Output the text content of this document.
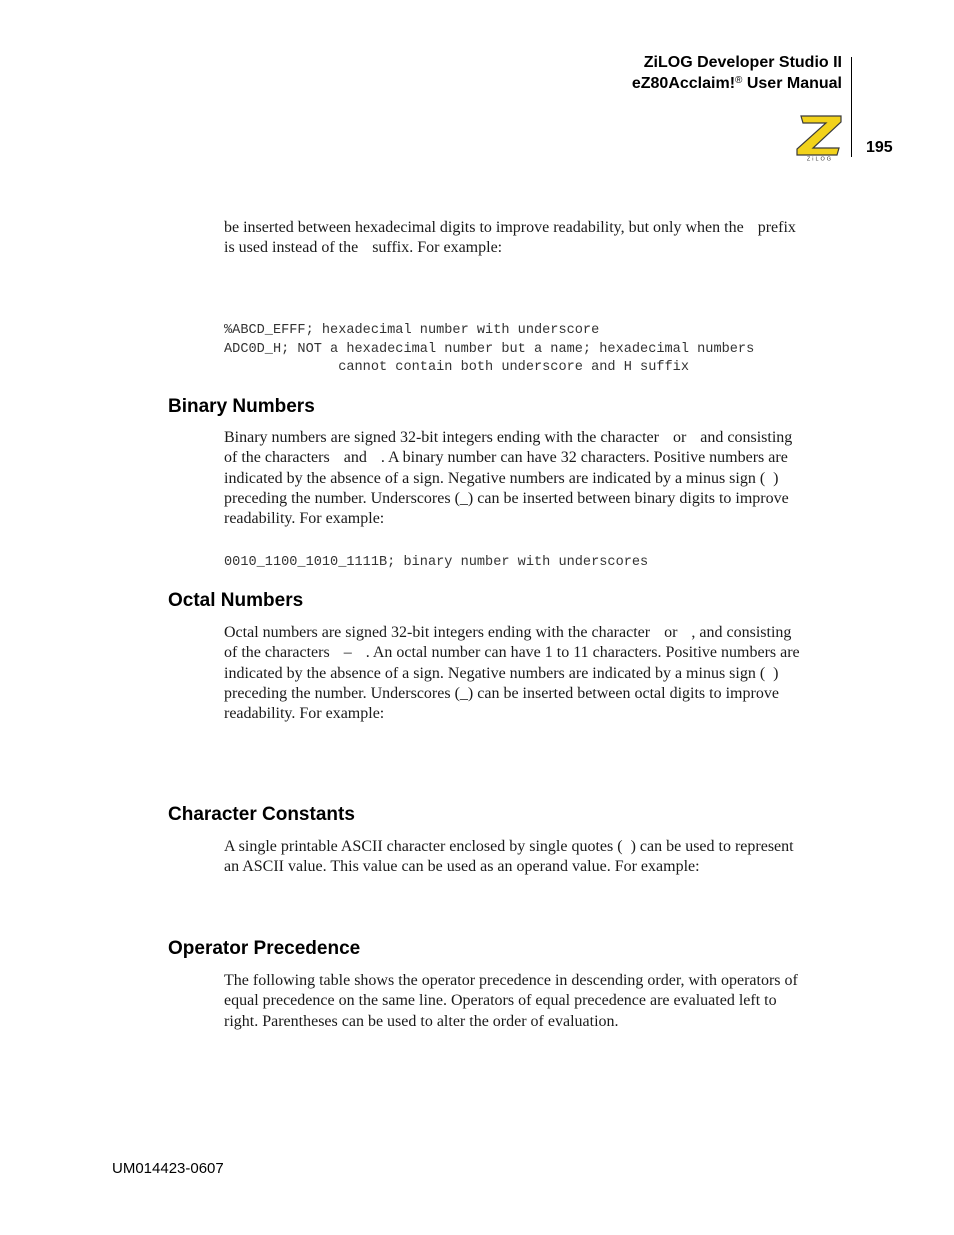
ZiLOG Developer Studio II
eZ80Acclaim!® User Manual
ZiLOG
195

be inserted between hexadecimal digits to improve readability, but only when the prefix
is used instead of the suffix. For example:

%ABCD_EFFF; hexadecimal number with underscore
ADC0D_H; NOT a hexadecimal number but a name; hexadecimal numbers
cannot contain both underscore and H suffix
Binary Numbers

Binary numbers are signed 32-bit integers ending with the character or and consisting
of the characters and . A binary number can have 32 characters. Positive numbers are
indicated by the absence of a sign. Negative numbers are indicated by a minus sign ( )
preceding the number. Underscores (_) can be inserted between binary digits to improve
readability. For example:

0010_1100_1010_1111B; binary number with underscores
Octal Numbers

Octal numbers are signed 32-bit integers ending with the character or , and consisting
of the characters – . An octal number can have 1 to 11 characters. Positive numbers are
indicated by the absence of a sign. Negative numbers are indicated by a minus sign ( )
preceding the number. Underscores (_) can be inserted between octal digits to improve
readability. For example:

Character Constants

A single printable ASCII character enclosed by single quotes ( ) can be used to represent
an ASCII value. This value can be used as an operand value. For example:

Operator Precedence

The following table shows the operator precedence in descending order, with operators of
equal precedence on the same line. Operators of equal precedence are evaluated left to
right. Parentheses can be used to alter the order of evaluation.

UM014423-0607
